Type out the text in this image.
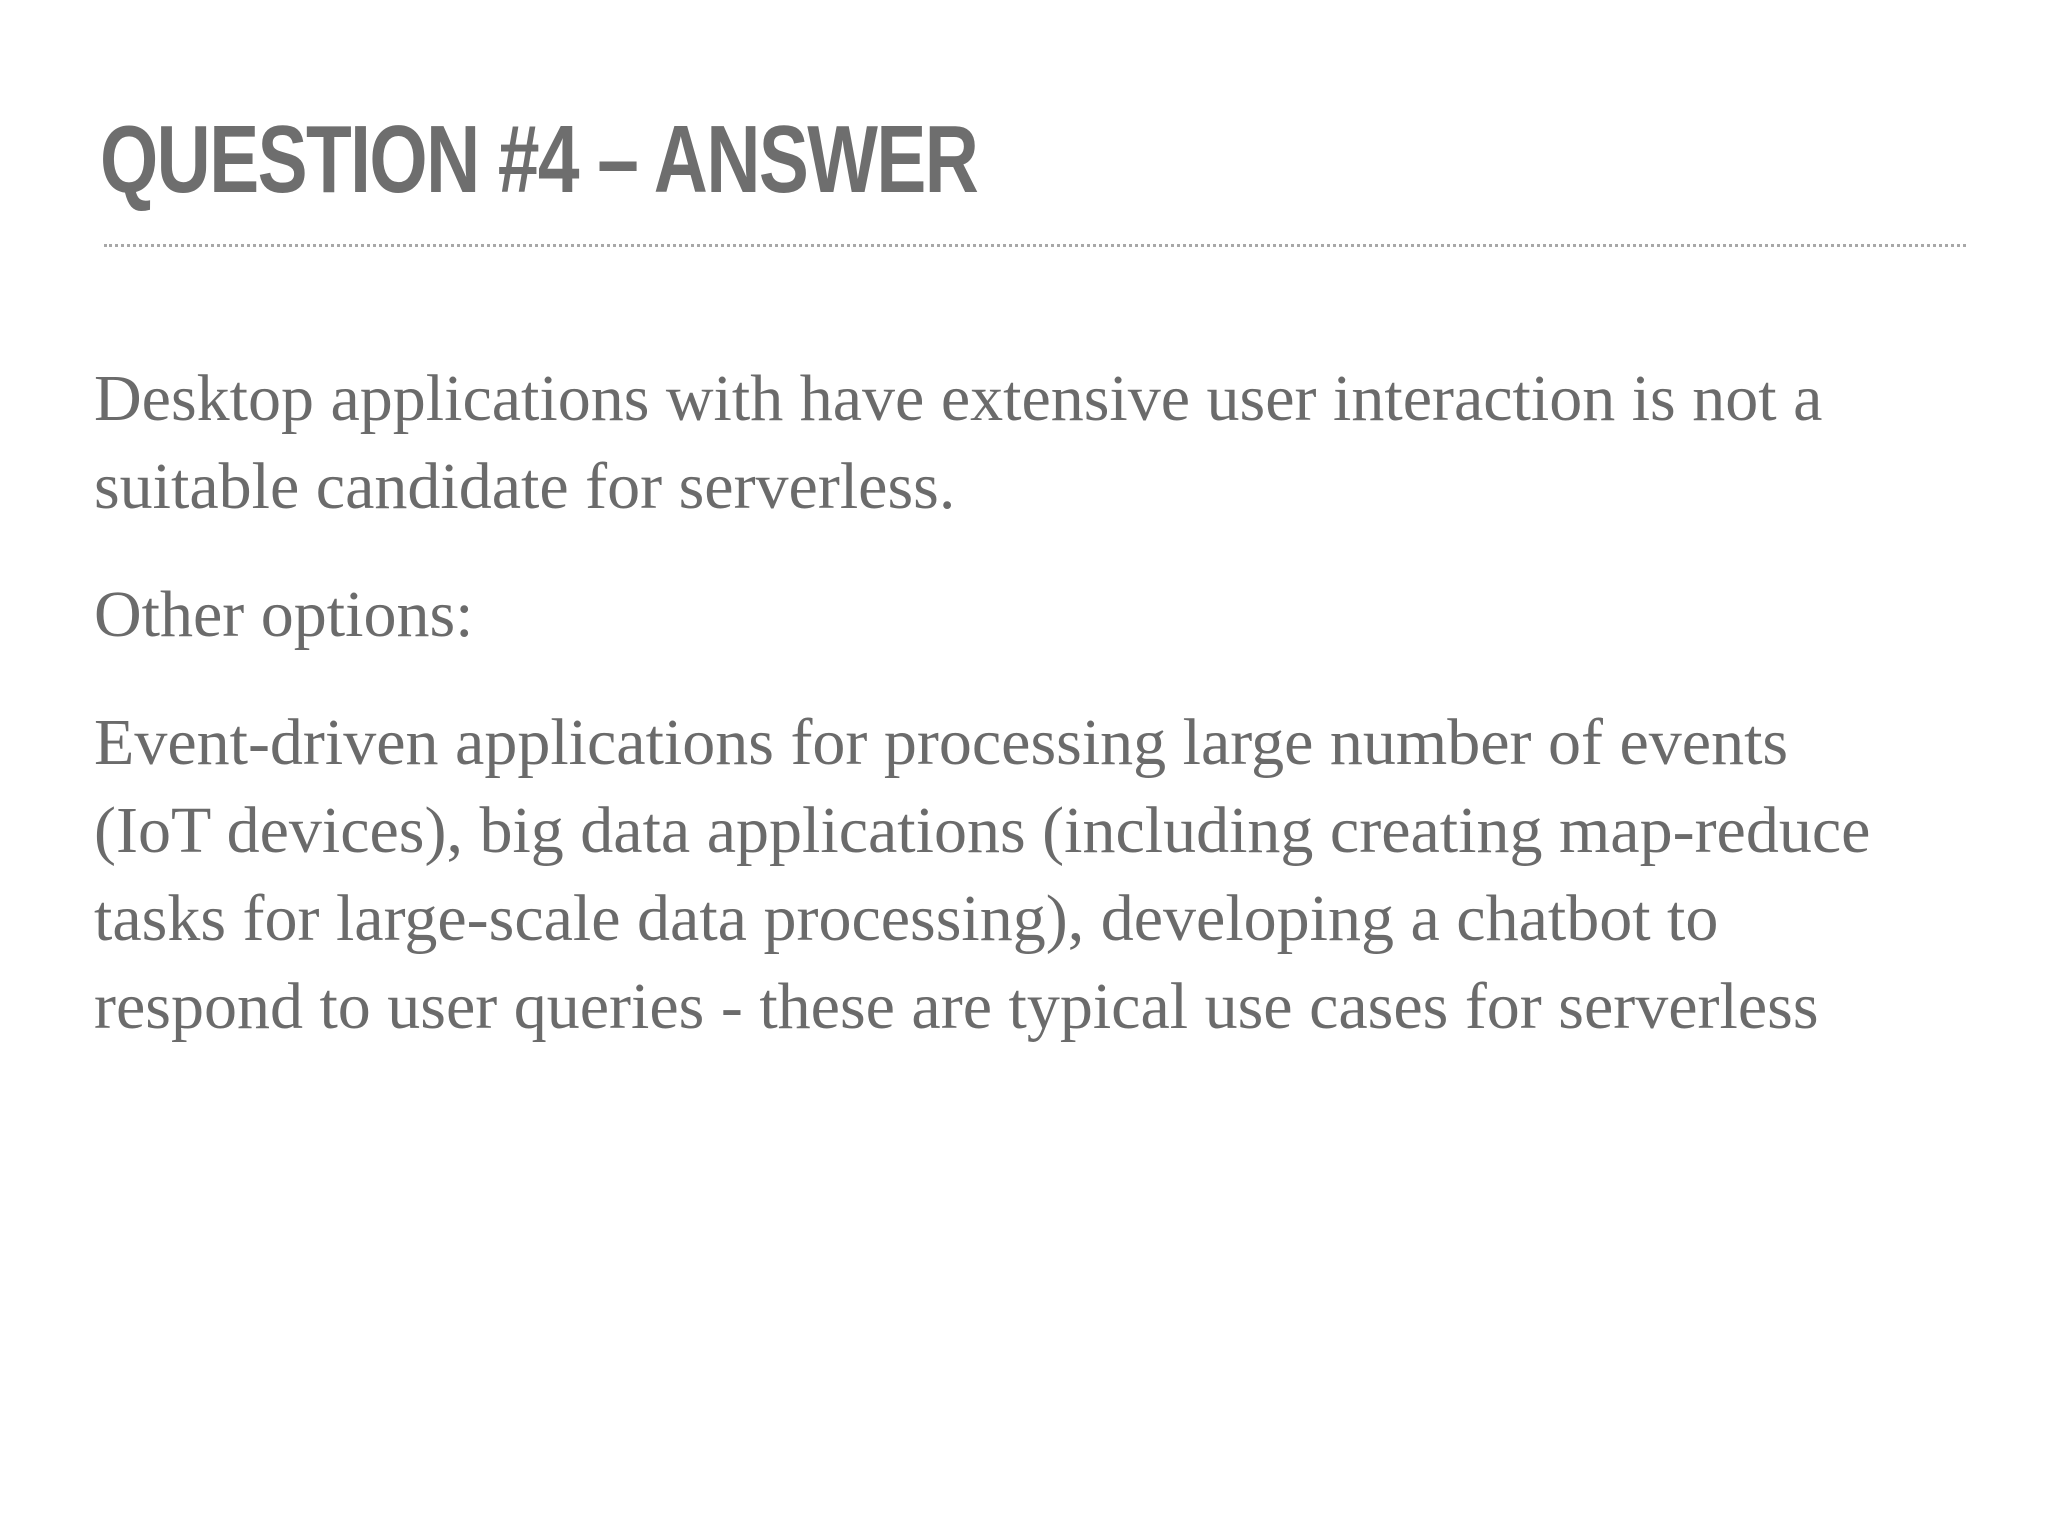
QUESTION #4 – ANSWER

Desktop applications with have extensive user interaction is not a suitable candidate for serverless.

Other options:

Event-driven applications for processing large number of events (IoT devices), big data applications (including creating map-reduce tasks for large-scale data processing), developing a chatbot to respond to user queries - these are typical use cases for serverless
